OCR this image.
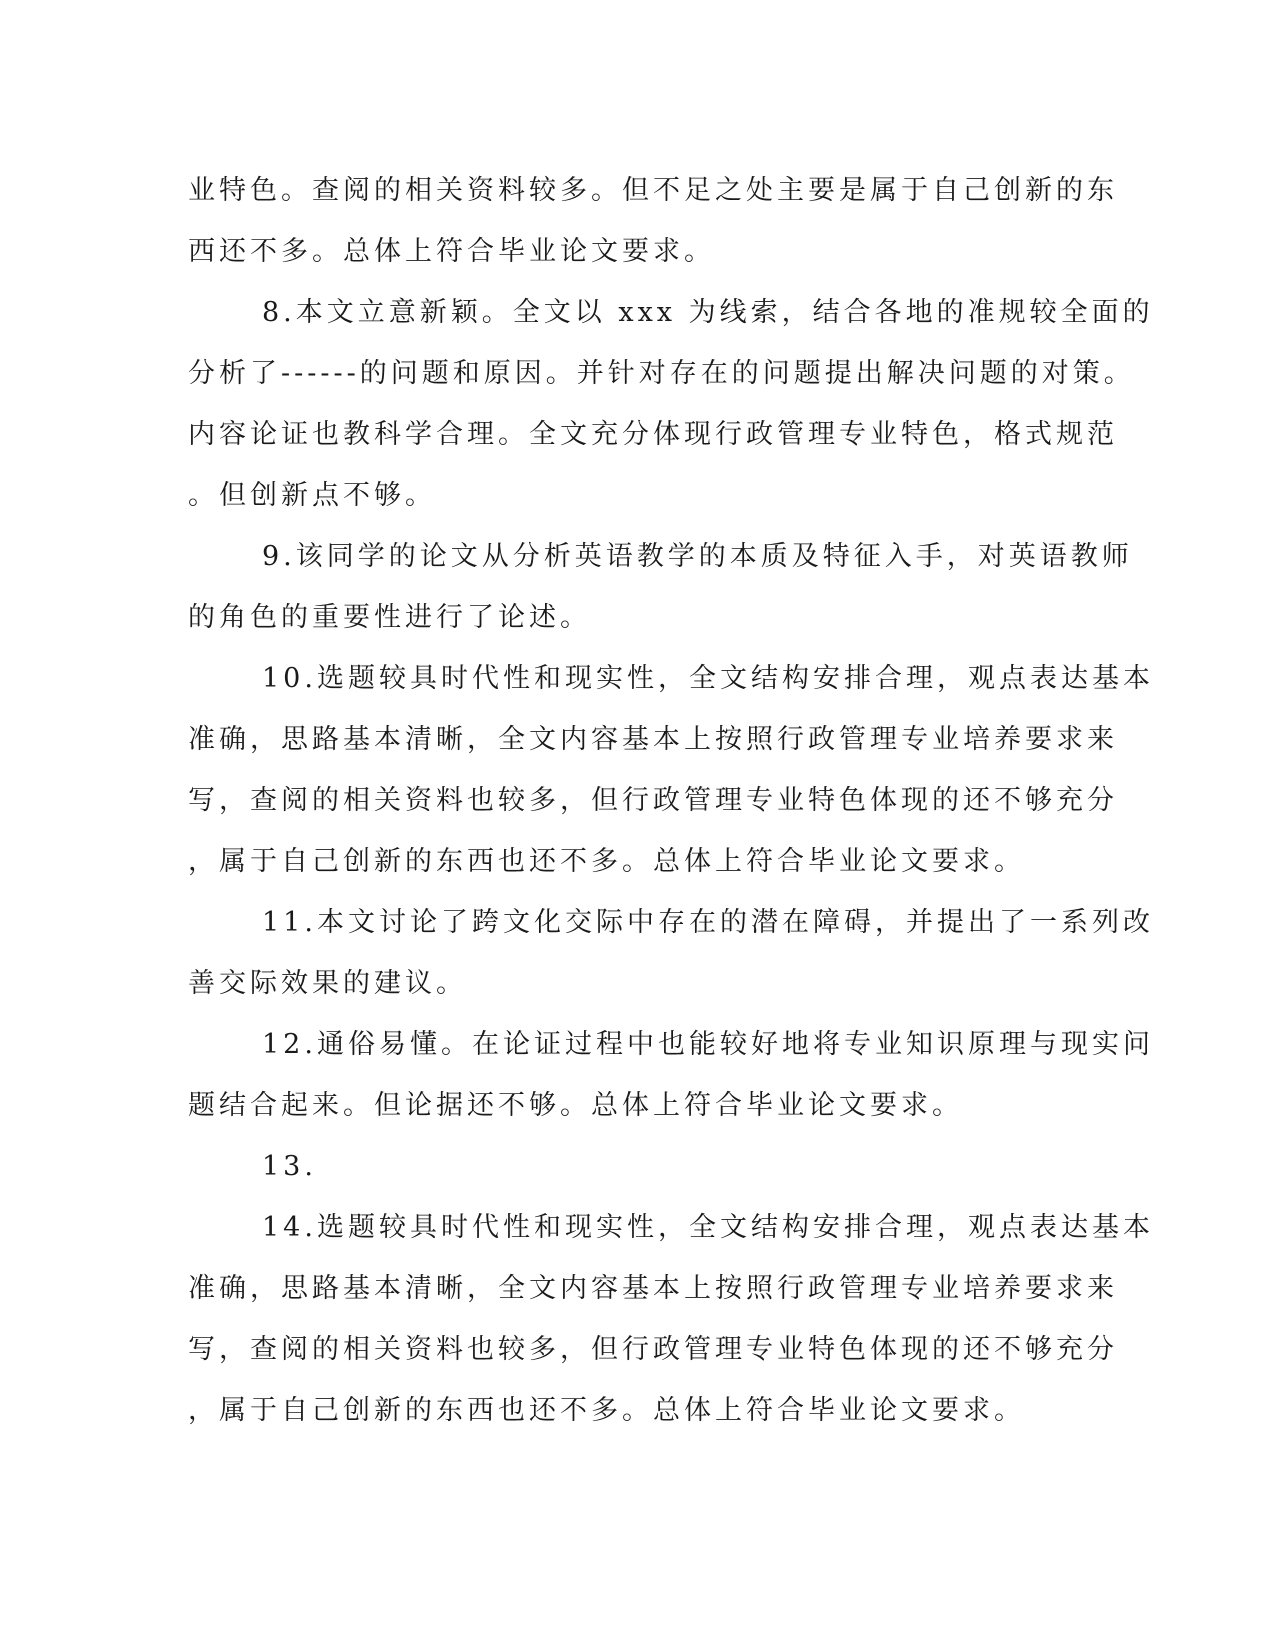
业特色。查阅的相关资料较多。但不足之处主要是属于自己创新的东
西还不多。总体上符合毕业论文要求。
8.本文立意新颖。全文以 xxx 为线索，结合各地的准规较全面的
分析了------的问题和原因。并针对存在的问题提出解决问题的对策。
内容论证也教科学合理。全文充分体现行政管理专业特色，格式规范
。但创新点不够。
9.该同学的论文从分析英语教学的本质及特征入手，对英语教师
的角色的重要性进行了论述。
10.选题较具时代性和现实性，全文结构安排合理，观点表达基本
准确，思路基本清晰，全文内容基本上按照行政管理专业培养要求来
写，查阅的相关资料也较多，但行政管理专业特色体现的还不够充分
，属于自己创新的东西也还不多。总体上符合毕业论文要求。
11.本文讨论了跨文化交际中存在的潜在障碍，并提出了一系列改
善交际效果的建议。
12.通俗易懂。在论证过程中也能较好地将专业知识原理与现实问
题结合起来。但论据还不够。总体上符合毕业论文要求。
13.
14.选题较具时代性和现实性，全文结构安排合理，观点表达基本
准确，思路基本清晰，全文内容基本上按照行政管理专业培养要求来
写，查阅的相关资料也较多，但行政管理专业特色体现的还不够充分
，属于自己创新的东西也还不多。总体上符合毕业论文要求。
